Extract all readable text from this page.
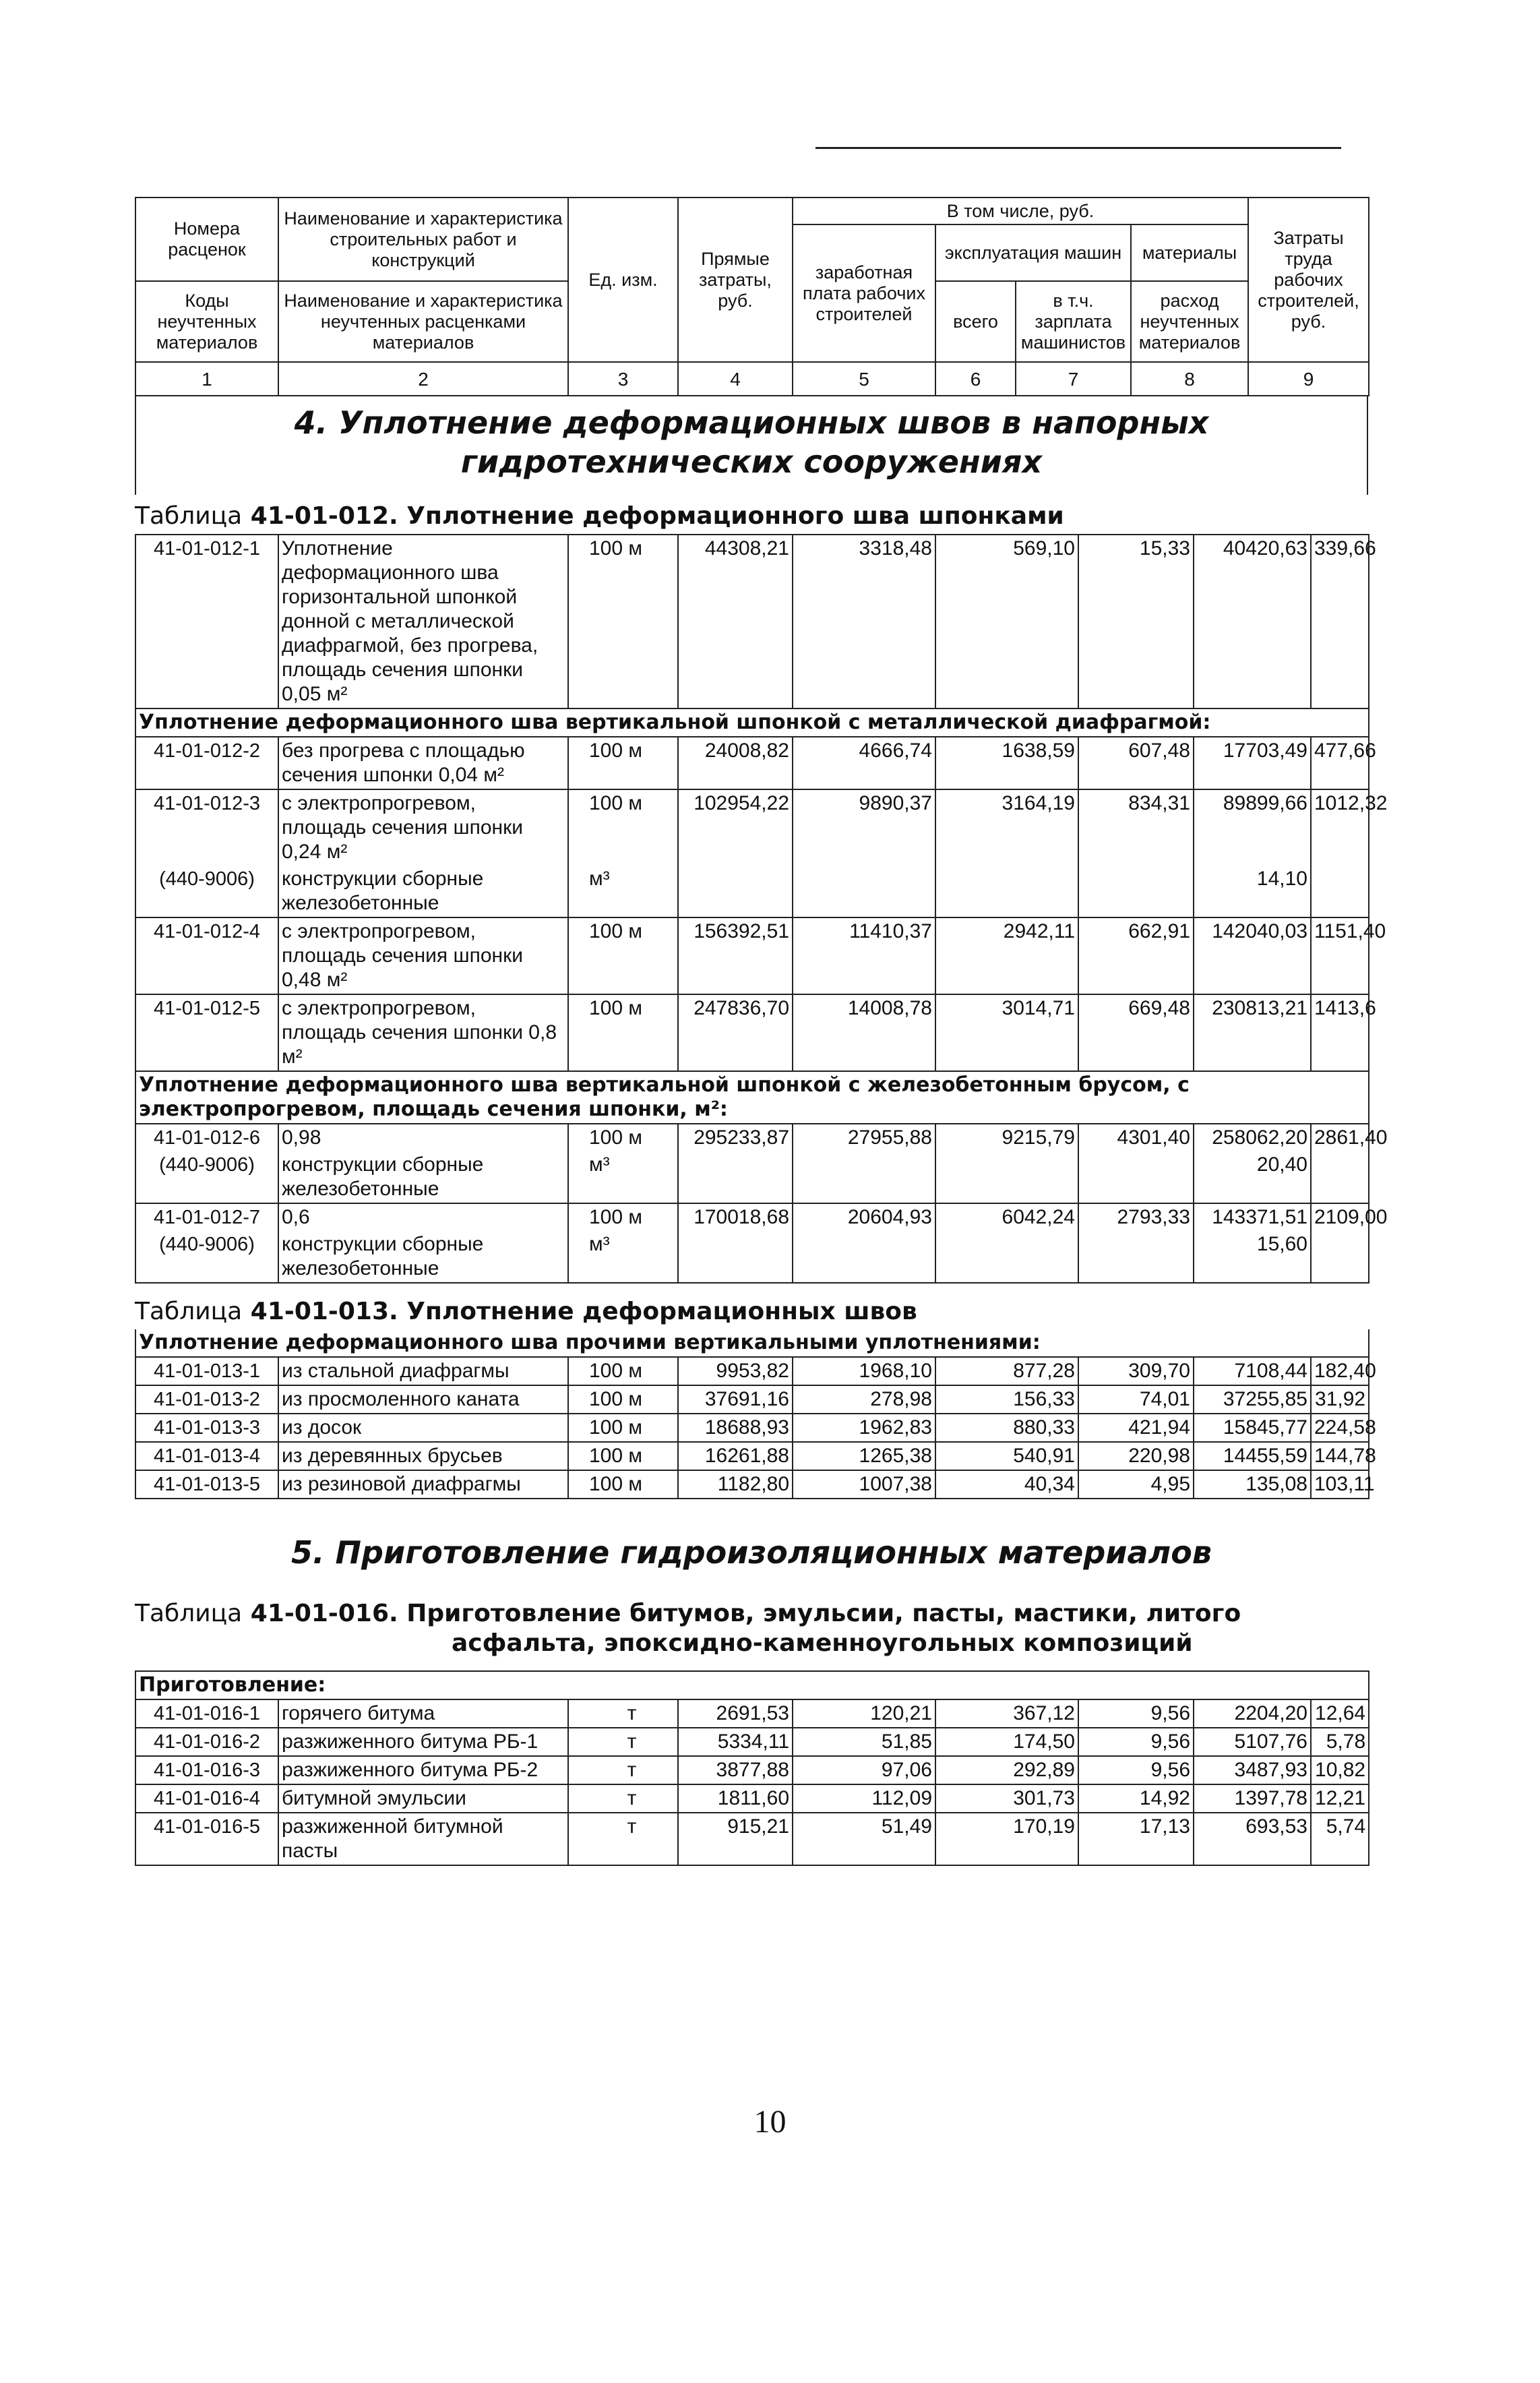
Номера расценок	Наименование и характеристика строительных работ и конструкций	Ед. изм.	Прямые затраты, руб.	В том числе, руб.				Затраты труда рабочих строителей, руб.
				заработная плата рабочих строителей	эксплуатация машин		материалы	
Коды неучтенных материалов	Наименование и характеристика неучтенных расценками материалов				всего	в т.ч. зарплата машинистов	расход неучтенных материалов	

1	2	3	4	5	6	7	8	9
4. Уплотнение деформационных швов в напорных
гидротехнических сооружениях
Таблица 41-01-012. Уплотнение деформационного шва шпонками
41-01-012-1	Уплотнение деформационного шва горизонтальной шпонкой донной с металлической диафрагмой, без прогрева, площадь сечения шпонки 0,05 м²	100 м	44308,21	3318,48	569,10	15,33	40420,63	339,66
Уплотнение деформационного шва вертикальной шпонкой с металлической диафрагмой:								
41-01-012-2	без прогрева с площадью сечения шпонки 0,04 м²	100 м	24008,82	4666,74	1638,59	607,48	17703,49	477,66
41-01-012-3	с электропрогревом, площадь сечения шпонки 0,24 м²	100 м	102954,22	9890,37	3164,19	834,31	89899,66	1012,32
(440-9006)	конструкции сборные железобетонные	м³					14,10	
41-01-012-4	с электропрогревом, площадь сечения шпонки 0,48 м²	100 м	156392,51	11410,37	2942,11	662,91	142040,03	1151,40
41-01-012-5	с электропрогревом, площадь сечения шпонки 0,8 м²	100 м	247836,70	14008,78	3014,71	669,48	230813,21	1413,6
Уплотнение деформационного шва вертикальной шпонкой с железобетонным брусом, с электропрогревом, площадь сечения шпонки, м²:								
41-01-012-6	0,98	100 м	295233,87	27955,88	9215,79	4301,40	258062,20	2861,40
(440-9006)	конструкции сборные железобетонные	м³					20,40	
41-01-012-7	0,6	100 м	170018,68	20604,93	6042,24	2793,33	143371,51	2109,00
(440-9006)	конструкции сборные железобетонные	м³					15,60	
Таблица 41-01-013. Уплотнение деформационных швов
Уплотнение деформационного шва прочими вертикальными уплотнениями:								
41-01-013-1	из стальной диафрагмы	100 м	9953,82	1968,10	877,28	309,70	7108,44	182,40
41-01-013-2	из просмоленного каната	100 м	37691,16	278,98	156,33	74,01	37255,85	31,92
41-01-013-3	из досок	100 м	18688,93	1962,83	880,33	421,94	15845,77	224,58
41-01-013-4	из деревянных брусьев	100 м	16261,88	1265,38	540,91	220,98	14455,59	144,78
41-01-013-5	из резиновой диафрагмы	100 м	1182,80	1007,38	40,34	4,95	135,08	103,11
5. Приготовление гидроизоляционных материалов
Таблица 41-01-016. Приготовление битумов, эмульсии, пасты, мастики, литого
асфальта, эпоксидно-каменноугольных композиций
Приготовление:								
41-01-016-1	горячего битума	т	2691,53	120,21	367,12	9,56	2204,20	12,64
41-01-016-2	разжиженного битума РБ-1	т	5334,11	51,85	174,50	9,56	5107,76	5,78
41-01-016-3	разжиженного битума РБ-2	т	3877,88	97,06	292,89	9,56	3487,93	10,82
41-01-016-4	битумной эмульсии	т	1811,60	112,09	301,73	14,92	1397,78	12,21
41-01-016-5	разжиженной битумной пасты	т	915,21	51,49	170,19	17,13	693,53	5,74
10
